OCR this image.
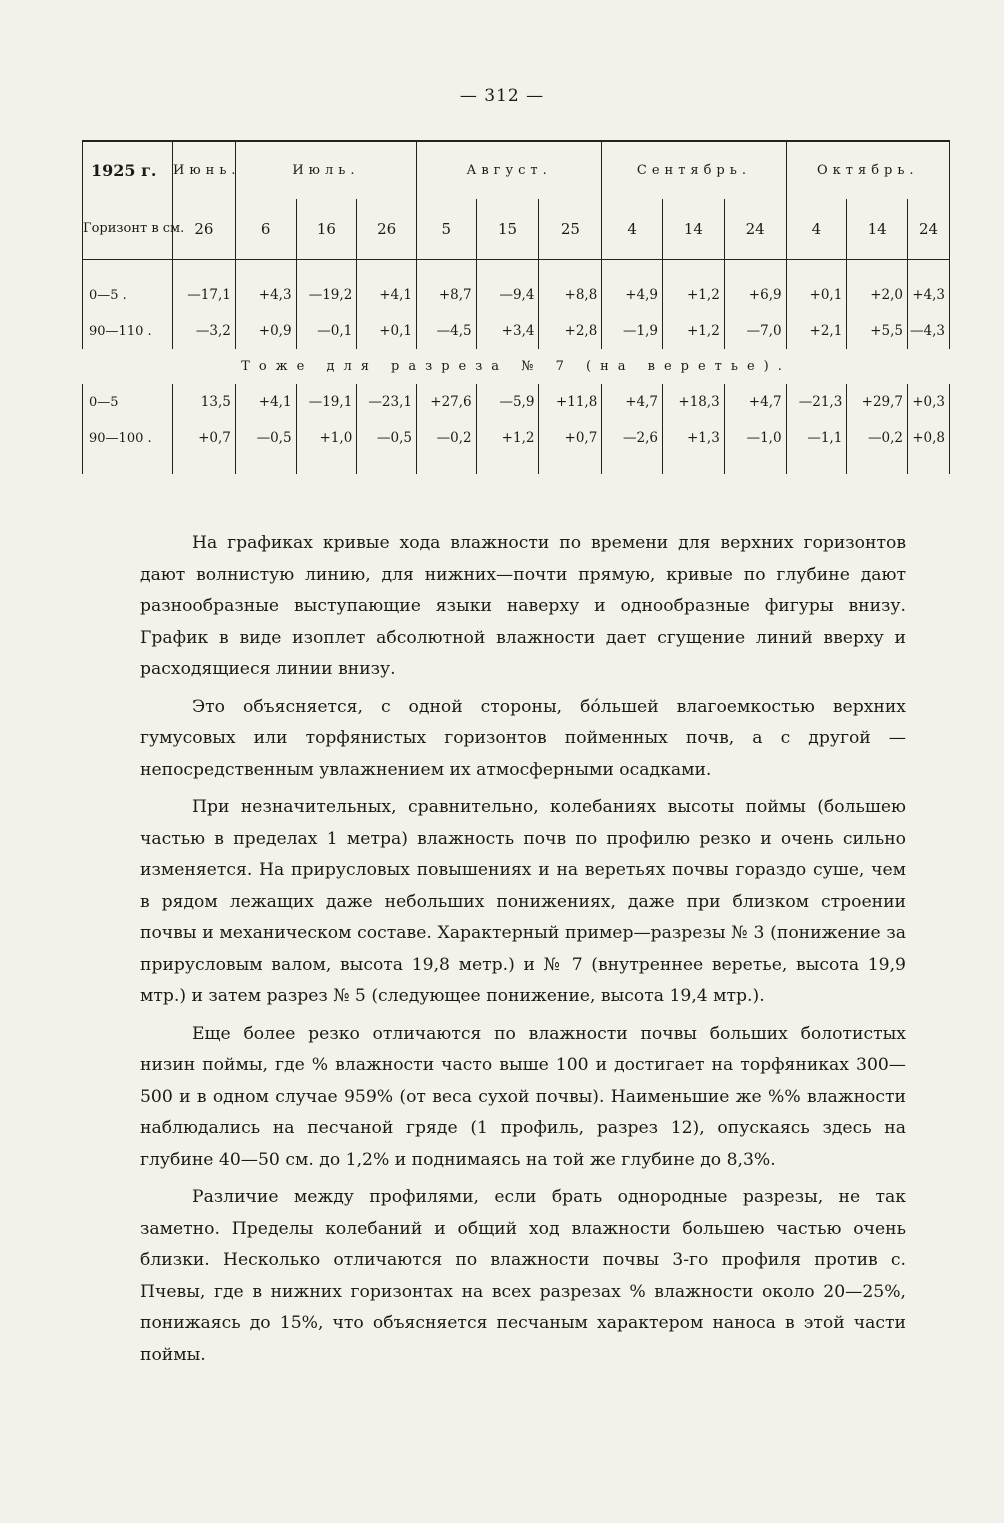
— 312 —
1925 г.	Июнь.	Июль.			Август.			Сентябрь.			Октябрь.		
Горизонт в см.	26	6	16	26	5	15	25	4	14	24	4	14	24

0—5 .	—17,1	+4,3	—19,2	+4,1	+8,7	—9,4	+8,8	+4,9	+1,2	+6,9	+0,1	+2,0	+4,3
90—110 .	—3,2	+0,9	—0,1	+0,1	—4,5	+3,4	+2,8	—1,9	+1,2	—7,0	+2,1	+5,5	—4,3
Тоже для разреза № 7 (на веретье).													
0—5	13,5	+4,1	—19,1	—23,1	+27,6	—5,9	+11,8	+4,7	+18,3	+4,7	—21,3	+29,7	+0,3
90—100 .	+0,7	—0,5	+1,0	—0,5	—0,2	+1,2	+0,7	—2,6	+1,3	—1,0	—1,1	—0,2	+0,8

На графиках кривые хода влажности по времени для верхних горизонтов дают волнистую линию, для нижних—почти прямую, кривые по глубине дают разнообразные выступающие языки наверху и однообразные фигуры внизу. График в виде изоплет абсолютной влажности дает сгущение линий вверху и расходящиеся линии внизу.

Это объясняется, с одной стороны, бо́льшей влагоемкостью верхних гумусовых или торфянистых горизонтов пойменных почв, а с другой — непосредственным увлажнением их атмосферными осадками.

При незначительных, сравнительно, колебаниях высоты поймы (большею частью в пределах 1 метра) влажность почв по профилю резко и очень сильно изменяется. На прирусловых повышениях и на веретьях почвы гораздо суше, чем в рядом лежащих даже небольших понижениях, даже при близком строении почвы и механическом составе. Характерный пример—разрезы № 3 (понижение за прирусловым валом, высота 19,8 метр.) и № 7 (внутреннее веретье, высота 19,9 мтр.) и затем разрез № 5 (следующее понижение, высота 19,4 мтр.).

Еще более резко отличаются по влажности почвы больших болотистых низин поймы, где % влажности часто выше 100 и достигает на торфяниках 300—500 и в одном случае 959% (от веса сухой почвы). Наименьшие же %% влажности наблюдались на песчаной гряде (1 профиль, разрез 12), опускаясь здесь на глубине 40—50 см. до 1,2% и поднимаясь на той же глубине до 8,3%.

Различие между профилями, если брать однородные разрезы, не так заметно. Пределы колебаний и общий ход влажности большею частью очень близки. Несколько отличаются по влажности почвы 3-го профиля против с. Пчевы, где в нижних горизонтах на всех разрезах % влажности около 20—25%, понижаясь до 15%, что объясняется песчаным характером наноса в этой части поймы.
